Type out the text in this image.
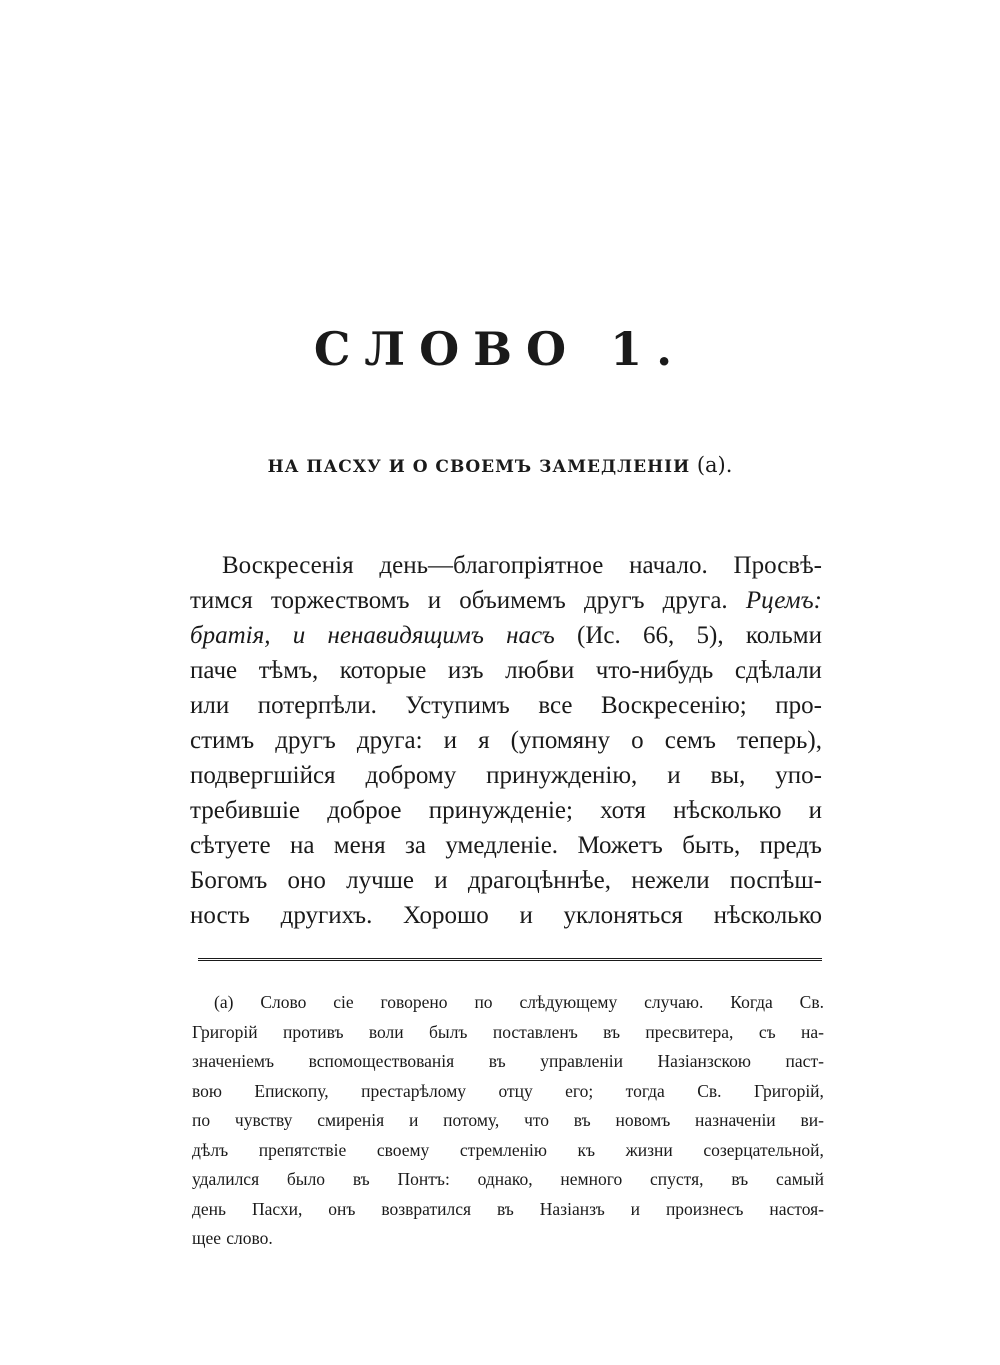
СЛОВО 1.
НА ПАСХУ И О СВОЕМЪ ЗАМЕДЛЕНІИ (а).
Воскресенія день—благопріятное начало. Просвѣ-
тимся торжествомъ и объимемъ другъ друга. Рцемъ:
братія, и ненавидящимъ насъ (Ис. 66, 5), кольми
паче тѣмъ, которые изъ любви что-нибудь сдѣлали
или потерпѣли. Уступимъ все Воскресенію; про-
стимъ другъ друга: и я (упомяну о семъ теперь),
подвергшійся доброму принужденію, и вы, упо-
требившіе доброе принужденіе; хотя нѣсколько и
сѣтуете на меня за умедленіе. Можетъ быть, предъ
Богомъ оно лучше и драгоцѣннѣе, нежели поспѣш-
ность другихъ. Хорошо и уклоняться нѣсколько
(а) Слово сіе говорено по слѣдующему случаю. Когда Св.
Григорій противъ воли былъ поставленъ въ пресвитера, съ на-
значеніемъ вспомоществованія въ управленіи Назіанзскою паст-
вою Епископу, престарѣлому отцу его; тогда Св. Григорій,
по чувству смиренія и потому, что въ новомъ назначеніи ви-
дѣлъ препятствіе своему стремленію къ жизни созерцательной,
удалился было въ Понтъ: однако, немного спустя, въ самый
день Пасхи, онъ возвратился въ Назіанзъ и произнесъ настоя-
щее слово.
